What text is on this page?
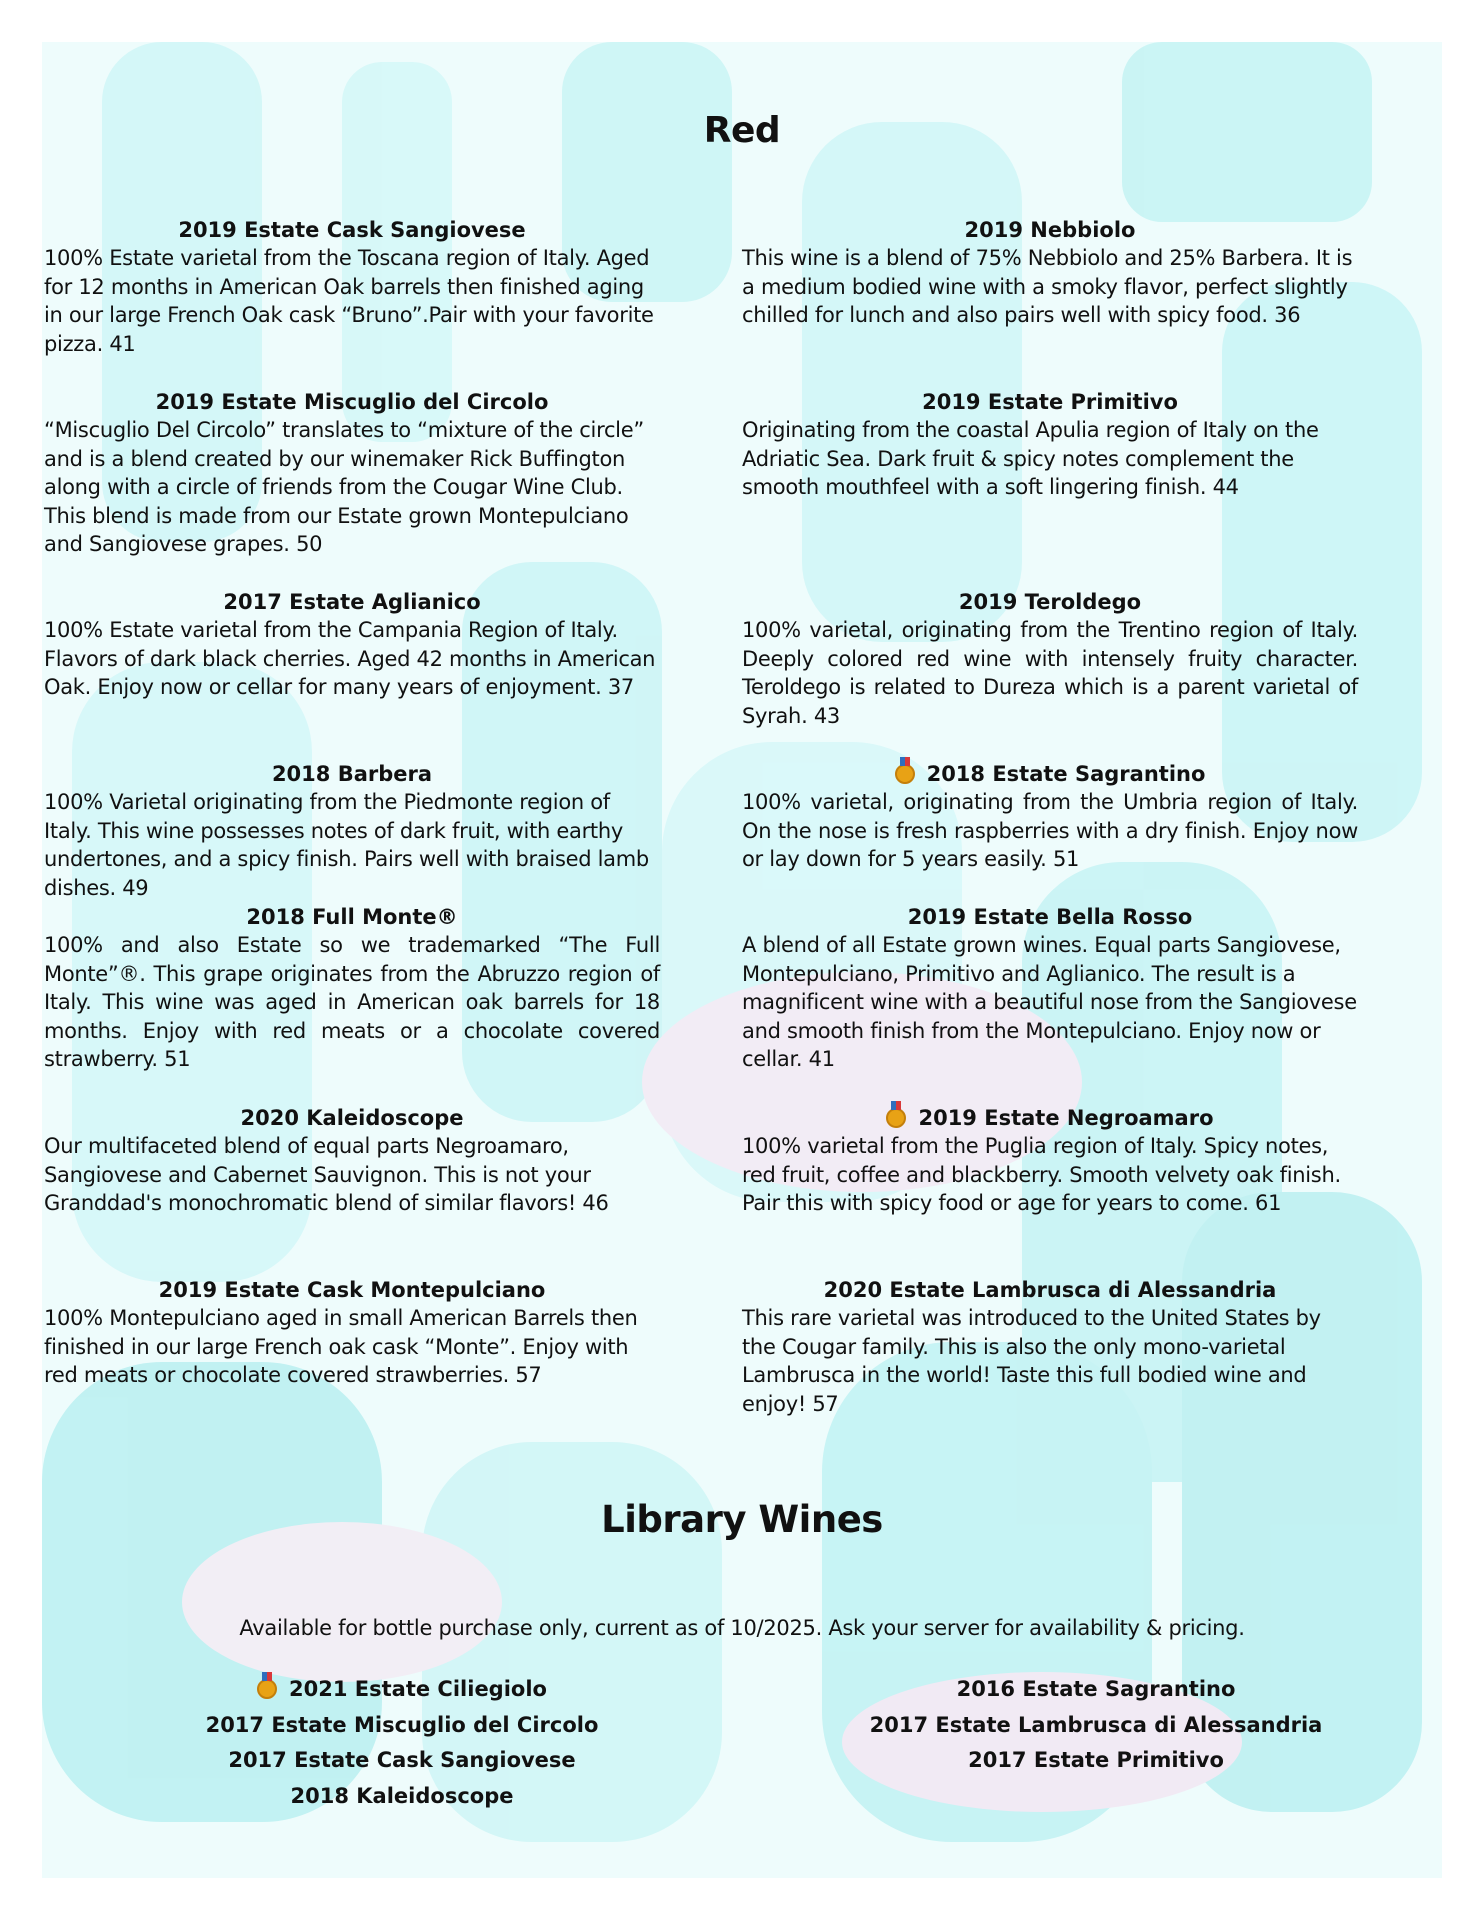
Red

2019 Estate Cask Sangiovese

100% Estate varietal from the Toscana region of Italy. Aged for 12 months in American Oak barrels then finished aging in our large French Oak cask “Bruno”.Pair with your favorite pizza. 41

2019 Estate Miscuglio del Circolo

“Miscuglio Del Circolo” translates to “mixture of the circle” and is a blend created by our winemaker Rick Buffington along with a circle of friends from the Cougar Wine Club. This blend is made from our Estate grown Montepulciano and Sangiovese grapes. 50

2017 Estate Aglianico

100% Estate varietal from the Campania Region of Italy. Flavors of dark black cherries. Aged 42 months in American Oak. Enjoy now or cellar for many years of enjoyment. 37

2018 Barbera

100% Varietal originating from the Piedmonte region of Italy. This wine possesses notes of dark fruit, with earthy undertones, and a spicy finish. Pairs well with braised lamb dishes. 49

2018 Full Monte®

100% and also Estate so we trademarked “The Full Monte”®. This grape originates from the Abruzzo region of Italy. This wine was aged in American oak barrels for 18 months. Enjoy with red meats or a chocolate covered strawberry. 51

2020 Kaleidoscope

Our multifaceted blend of equal parts Negroamaro, Sangiovese and Cabernet Sauvignon. This is not your Granddad's monochromatic blend of similar flavors! 46

2019 Estate Cask Montepulciano

100% Montepulciano aged in small American Barrels then finished in our large French oak cask “Monte”. Enjoy with red meats or chocolate covered strawberries. 57

2019 Nebbiolo

This wine is a blend of 75% Nebbiolo and 25% Barbera. It is a medium bodied wine with a smoky flavor, perfect slightly chilled for lunch and also pairs well with spicy food. 36

2019 Estate Primitivo

Originating from the coastal Apulia region of Italy on the Adriatic Sea. Dark fruit & spicy notes complement the smooth mouthfeel with a soft lingering finish. 44

2019 Teroldego

100% varietal, originating from the Trentino region of Italy. Deeply colored red wine with intensely fruity character. Teroldego is related to Dureza which is a parent varietal of Syrah. 43

2018 Estate Sagrantino

100% varietal, originating from the Umbria region of Italy. On the nose is fresh raspberries with a dry finish. Enjoy now or lay down for 5 years easily. 51

2019 Estate Bella Rosso

A blend of all Estate grown wines. Equal parts Sangiovese, Montepulciano, Primitivo and Aglianico. The result is a magnificent wine with a beautiful nose from the Sangiovese and smooth finish from the Montepulciano. Enjoy now or cellar. 41

2019 Estate Negroamaro

100% varietal from the Puglia region of Italy. Spicy notes, red fruit, coffee and blackberry. Smooth velvety oak finish. Pair this with spicy food or age for years to come. 61

2020 Estate Lambrusca di Alessandria

This rare varietal was introduced to the United States by the Cougar family. This is also the only mono-varietal Lambrusca in the world! Taste this full bodied wine and enjoy! 57

Library Wines
Available for bottle purchase only, current as of 10/2025. Ask your server for availability & pricing.
2021 Estate Ciliegiolo
2017 Estate Miscuglio del Circolo
2017 Estate Cask Sangiovese
2018 Kaleidoscope
2016 Estate Sagrantino
2017 Estate Lambrusca di Alessandria
2017 Estate Primitivo
